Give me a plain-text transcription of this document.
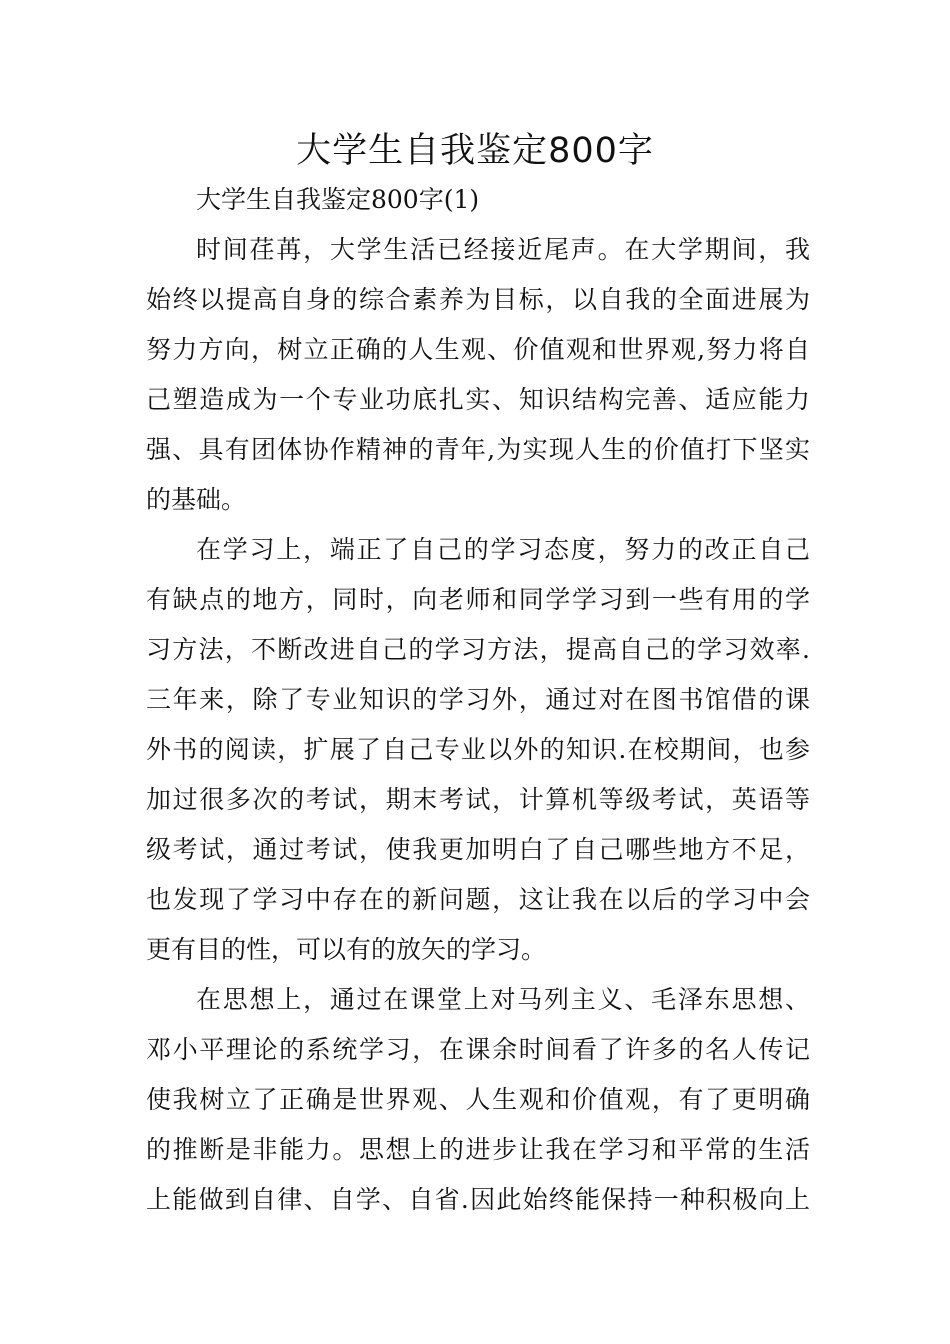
大学生自我鉴定800字

大学生自我鉴定800字(1)

时间荏苒，大学生活已经接近尾声。在大学期间，我

始终以提高自身的综合素养为目标，以自我的全面进展为

努力方向，树立正确的人生观、价值观和世界观,努力将自

己塑造成为一个专业功底扎实、知识结构完善、适应能力

强、具有团体协作精神的青年,为实现人生的价值打下坚实

的基础。

在学习上，端正了自己的学习态度，努力的改正自己

有缺点的地方，同时，向老师和同学学习到一些有用的学

习方法，不断改进自己的学习方法，提高自己的学习效率.

三年来，除了专业知识的学习外，通过对在图书馆借的课

外书的阅读，扩展了自己专业以外的知识.在校期间，也参

加过很多次的考试，期末考试，计算机等级考试，英语等

级考试，通过考试，使我更加明白了自己哪些地方不足，

也发现了学习中存在的新问题，这让我在以后的学习中会

更有目的性，可以有的放矢的学习。

在思想上，通过在课堂上对马列主义、毛泽东思想、

邓小平理论的系统学习，在课余时间看了许多的名人传记

使我树立了正确是世界观、人生观和价值观，有了更明确

的推断是非能力。思想上的进步让我在学习和平常的生活

上能做到自律、自学、自省.因此始终能保持一种积极向上
